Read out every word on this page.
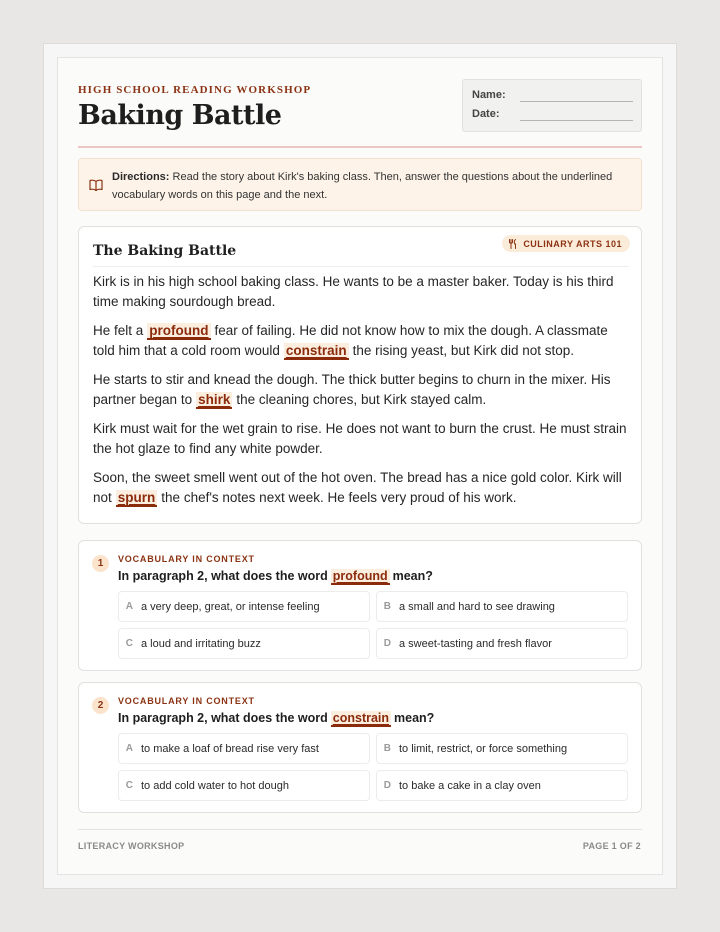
HIGH SCHOOL READING WORKSHOP
Baking Battle
Name:
Date:
Directions: Read the story about Kirk's baking class. Then, answer the questions about the underlined vocabulary words on this page and the next.
The Baking Battle	CULINARY ARTS 101

Kirk is in his high school baking class. He wants to be a master baker. Today is his third time making sourdough bread.

He felt a profound fear of failing. He did not know how to mix the dough. A classmate told him that a cold room would constrain the rising yeast, but Kirk did not stop.

He starts to stir and knead the dough. The thick butter begins to churn in the mixer. His partner began to shirk the cleaning chores, but Kirk stayed calm.

Kirk must wait for the wet grain to rise. He does not want to burn the crust. He must strain the hot glaze to find any white powder.

Soon, the sweet smell went out of the hot oven. The bread has a nice gold color. Kirk will not spurn the chef's notes next week. He feels very proud of his work.

1	VOCABULARY IN CONTEXT
In paragraph 2, what does the word profound mean?
A a very deep, great, or intense feeling	B a small and hard to see drawing
C a loud and irritating buzz	D a sweet-tasting and fresh flavor
2	VOCABULARY IN CONTEXT
In paragraph 2, what does the word constrain mean?
A to make a loaf of bread rise very fast	B to limit, restrict, or force something
C to add cold water to hot dough	D to bake a cake in a clay oven
LITERACY WORKSHOP	PAGE 1 OF 2
